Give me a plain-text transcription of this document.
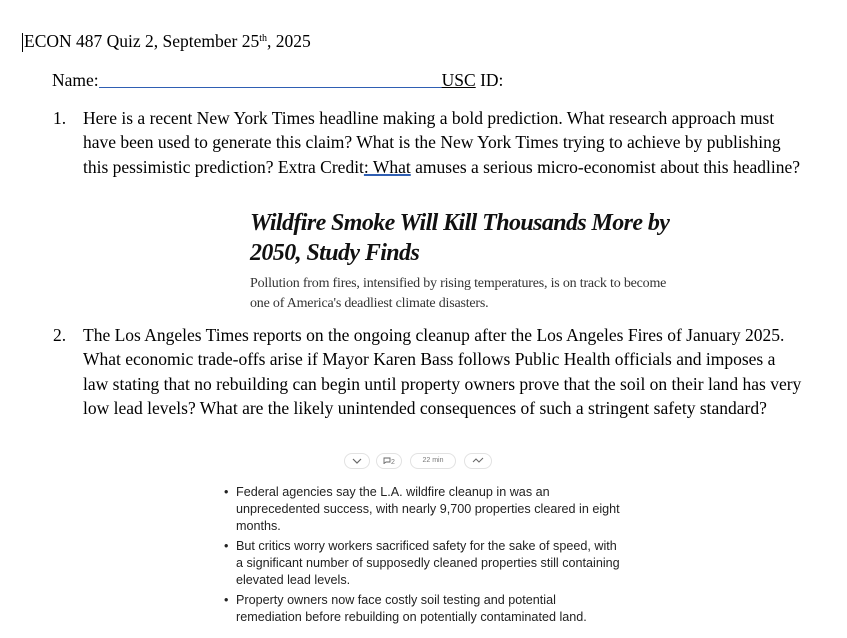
ECON 487 Quiz 2, September 25th, 2025
Name:	USC ID:
1. Here is a recent New York Times headline making a bold prediction. What research approach must have been used to generate this claim? What is the New York Times trying to achieve by publishing this pessimistic prediction? Extra Credit: What amuses a serious micro-economist about this headline?
Wildfire Smoke Will Kill Thousands More by 2050, Study Finds
Pollution from fires, intensified by rising temperatures, is on track to become one of America's deadliest climate disasters.
2. The Los Angeles Times reports on the ongoing cleanup after the Los Angeles Fires of January 2025. What economic trade-offs arise if Mayor Karen Bass follows Public Health officials and imposes a law stating that no rebuilding can begin until property owners prove that the soil on their land has very low lead levels? What are the likely unintended consequences of such a stringent safety standard?
2	22 min
• Federal agencies say the L.A. wildfire cleanup in was an unprecedented success, with nearly 9,700 properties cleared in eight months.
• But critics worry workers sacrificed safety for the sake of speed, with a significant number of supposedly cleaned properties still containing elevated lead levels.
• Property owners now face costly soil testing and potential remediation before rebuilding on potentially contaminated land.
